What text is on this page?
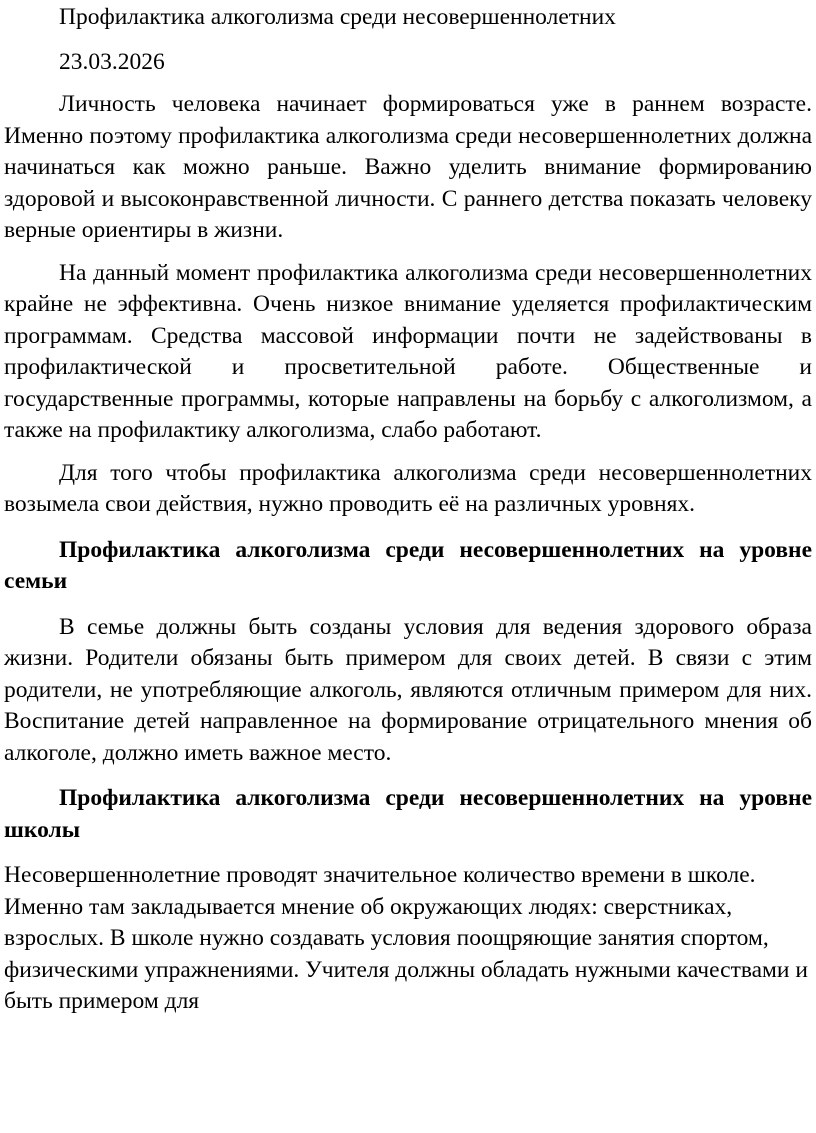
Профилактика алкоголизма среди несовершеннолетних

23.03.2026

Личность человека начинает формироваться уже в раннем возрасте. Именно поэтому профилактика алкоголизма среди несовершеннолетних должна начинаться как можно раньше. Важно уделить внимание формированию здоровой и высоконравственной личности. С раннего детства показать человеку верные ориентиры в жизни.

На данный момент профилактика алкоголизма среди несовершеннолетних крайне не эффективна. Очень низкое внимание уделяется профилактическим программам. Средства массовой информации почти не задействованы в профилактической и просветительной работе. Общественные и государственные программы, которые направлены на борьбу с алкоголизмом, а также на профилактику алкоголизма, слабо работают.

Для того чтобы профилактика алкоголизма среди несовершеннолетних возымела свои действия, нужно проводить её на различных уровнях.

Профилактика алкоголизма среди несовершеннолетних на уровне семьи

В семье должны быть созданы условия для ведения здорового образа жизни. Родители обязаны быть примером для своих детей. В связи с этим родители, не употребляющие алкоголь, являются отличным примером для них. Воспитание детей направленное на формирование отрицательного мнения об алкоголе, должно иметь важное место.

Профилактика алкоголизма среди несовершеннолетних на уровне школы

Несовершеннолетние проводят значительное количество времени в школе. Именно там закладывается мнение об окружающих людях: сверстниках, взрослых. В школе нужно создавать условия поощряющие занятия спортом, физическими упражнениями. Учителя должны обладать нужными качествами и быть примером для
